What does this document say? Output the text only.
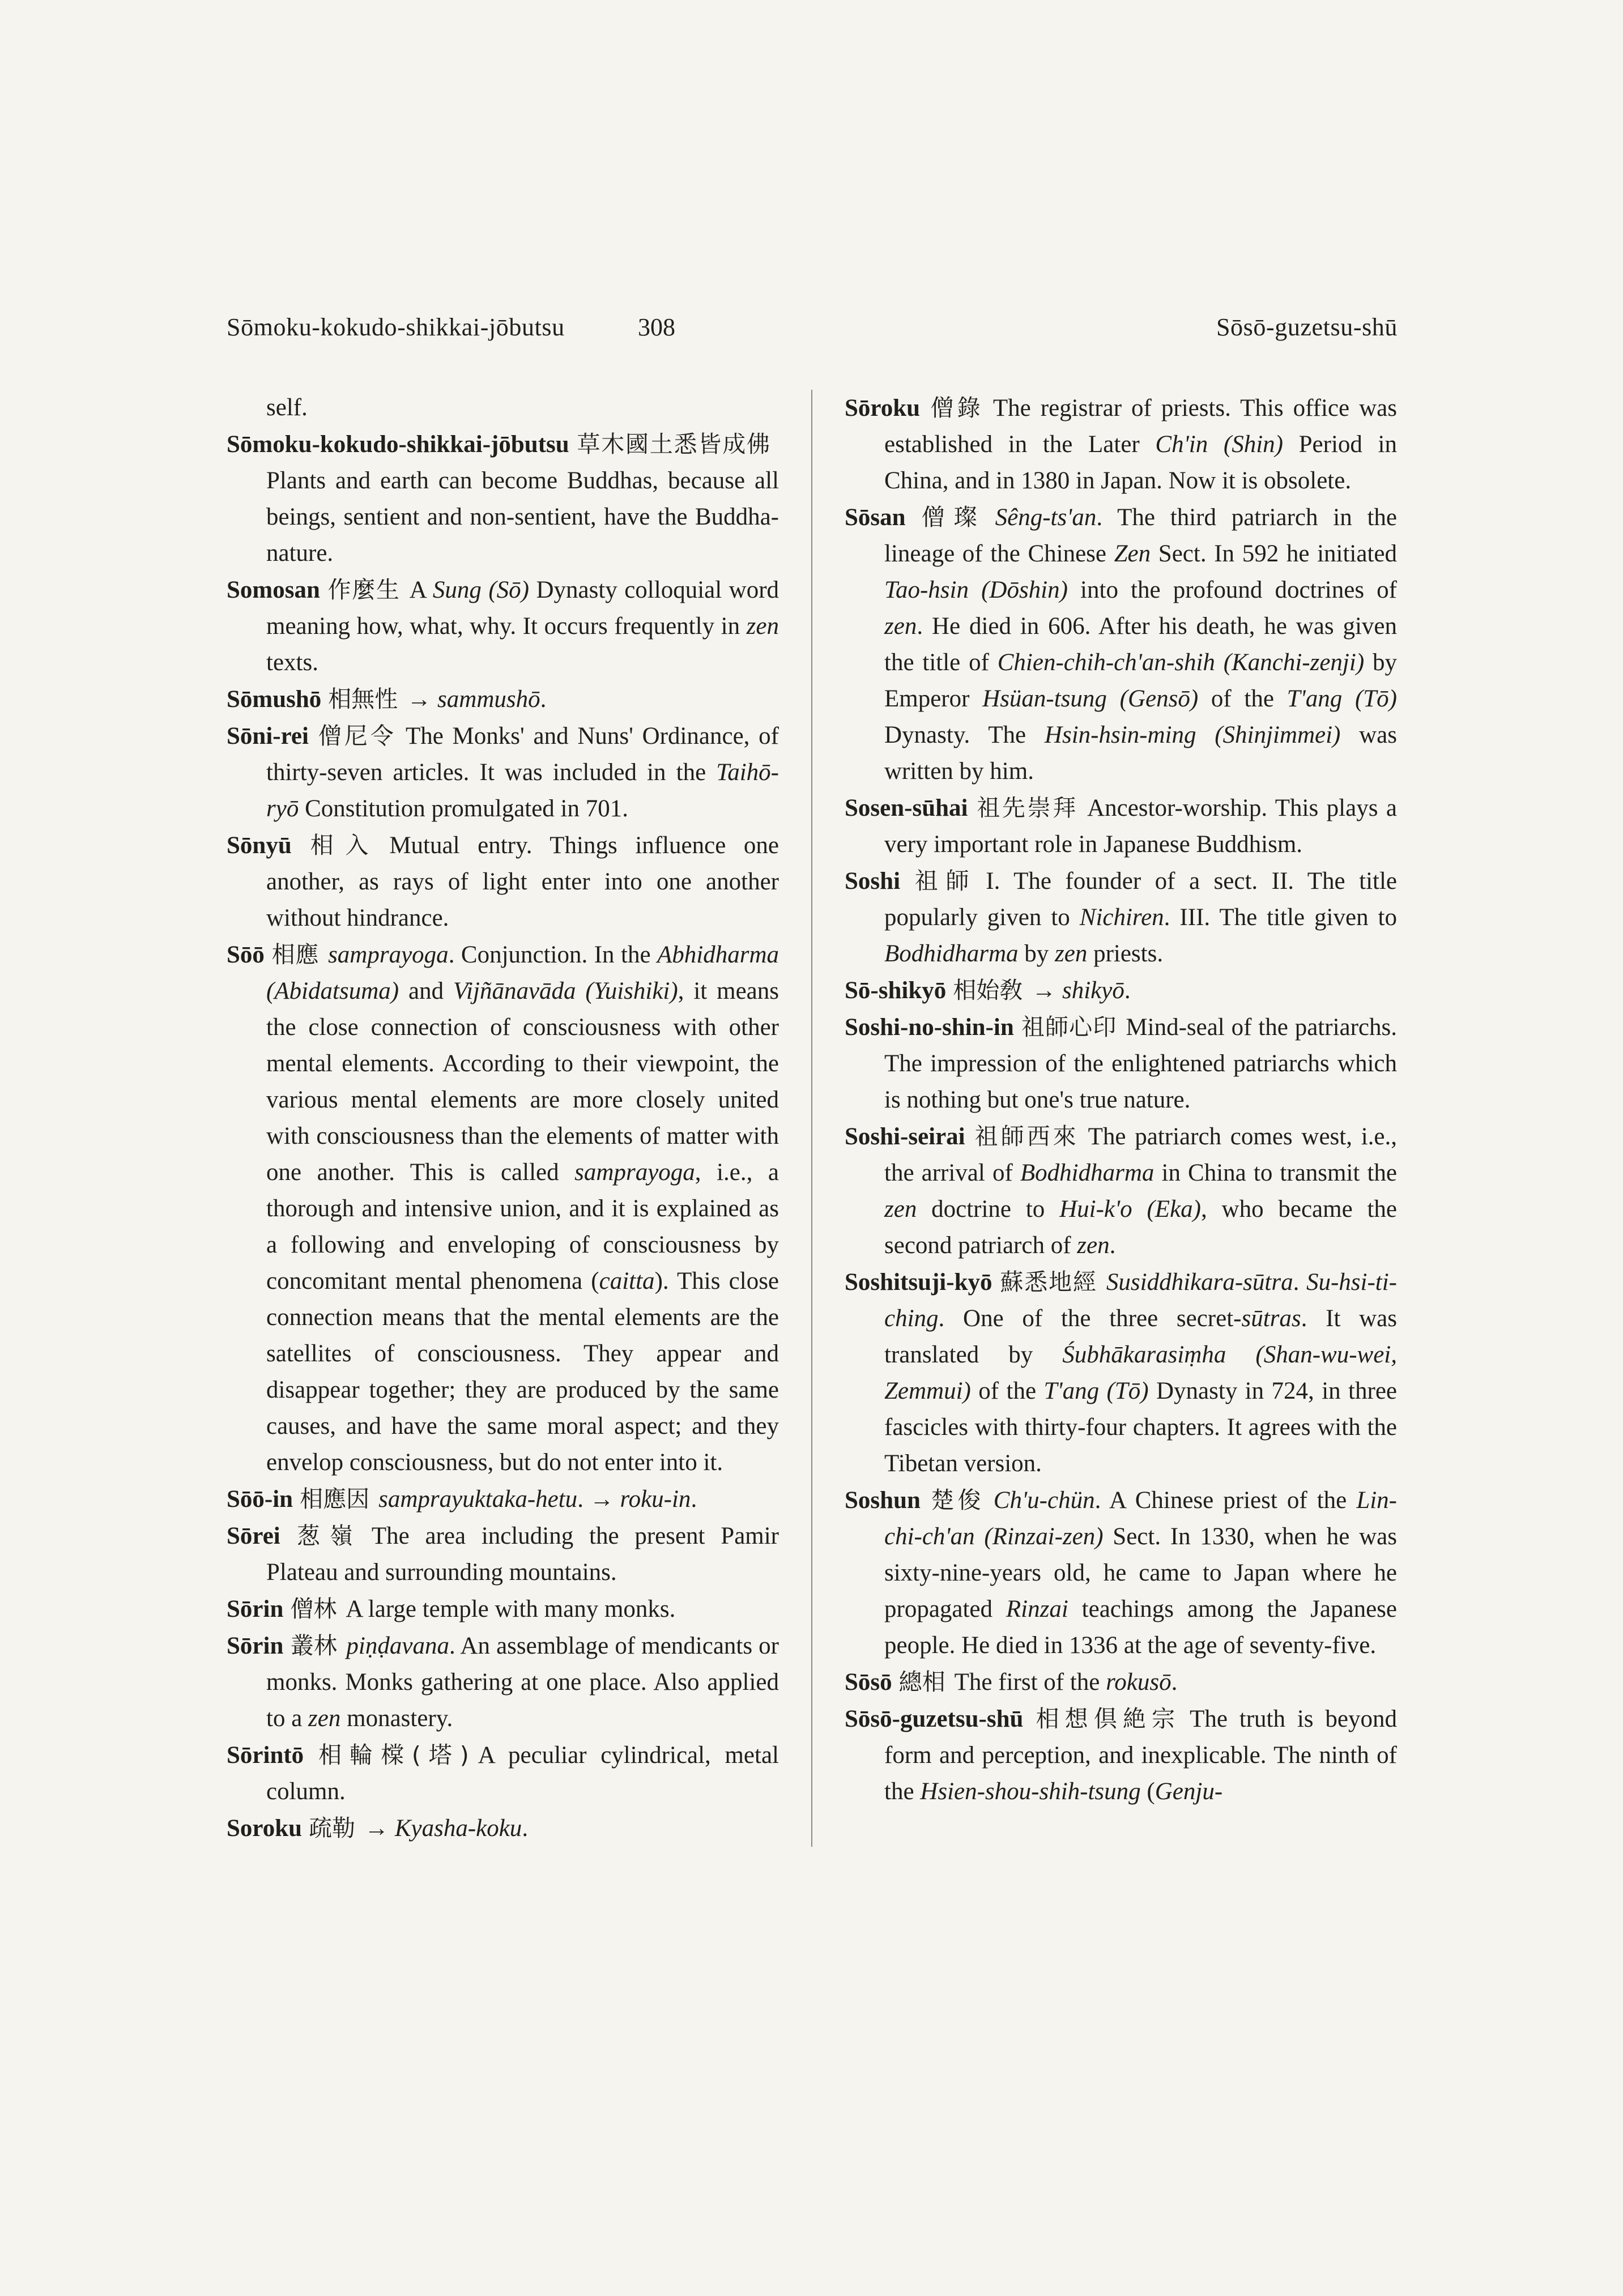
Sōmoku-kokudo-shikkai-jōbutsu	308	Sōsō-guzetsu-shū

self.

Sōmoku-kokudo-shikkai-jōbutsu 草木國土悉皆成佛Plants and earth can become Buddhas, because all beings, sentient and non-sentient, have the Buddha-nature.

Somosan 作麼生 A Sung (Sō) Dynasty colloquial word meaning how, what, why. It occurs frequently in zen texts.

Sōmushō 相無性 → sammushō.

Sōni-rei 僧尼令 The Monks' and Nuns' Ordinance, of thirty-seven articles. It was included in the Taihō-ryō Constitution promulgated in 701.

Sōnyū 相入 Mutual entry. Things influence one another, as rays of light enter into one another without hindrance.

Sōō 相應 samprayoga. Conjunction. In the Abhidharma (Abidatsuma) and Vijñānavāda (Yuishiki), it means the close connection of consciousness with other mental elements. According to their viewpoint, the various mental elements are more closely united with consciousness than the elements of matter with one another. This is called samprayoga, i.e., a thorough and intensive union, and it is explained as a following and enveloping of consciousness by concomitant mental phenomena (caitta). This close connection means that the mental elements are the satellites of consciousness. They appear and disappear together; they are produced by the same causes, and have the same moral aspect; and they envelop consciousness, but do not enter into it.

Sōō-in 相應因 samprayuktaka-hetu. → roku-in.

Sōrei 葱嶺 The area including the present Pamir Plateau and surrounding mountains.

Sōrin 僧林 A large temple with many monks.

Sōrin 叢林 piṇḍavana. An assemblage of mendicants or monks. Monks gathering at one place. Also applied to a zen monastery.

Sōrintō 相輪橖(塔) A peculiar cylindrical, metal column.

Soroku 疏勒 → Kyasha-koku.

Sōroku 僧錄 The registrar of priests. This office was established in the Later Ch'in (Shin) Period in China, and in 1380 in Japan. Now it is obsolete.

Sōsan 僧璨 Sêng-ts'an. The third patriarch in the lineage of the Chinese Zen Sect. In 592 he initiated Tao-hsin (Dōshin) into the profound doctrines of zen. He died in 606. After his death, he was given the title of Chien-chih-ch'an-shih (Kanchi-zenji) by Emperor Hsüan-tsung (Gensō) of the T'ang (Tō) Dynasty. The Hsin-hsin-ming (Shinjimmei) was written by him.

Sosen-sūhai 祖先崇拜 Ancestor-worship. This plays a very important role in Japanese Buddhism.

Soshi 祖師 I. The founder of a sect. II. The title popularly given to Nichiren. III. The title given to Bodhidharma by zen priests.

Sō-shikyō 相始敎 → shikyō.

Soshi-no-shin-in 祖師心印 Mind-seal of the patriarchs. The impression of the enlightened patriarchs which is nothing but one's true nature.

Soshi-seirai 祖師西來 The patriarch comes west, i.e., the arrival of Bodhidharma in China to transmit the zen doctrine to Hui-k'o (Eka), who became the second patriarch of zen.

Soshitsuji-kyō 蘇悉地經 Susiddhikara-sūtra. Su-hsi-ti-ching. One of the three secret-sūtras. It was translated by Śubhākarasiṃha (Shan-wu-wei, Zemmui) of the T'ang (Tō) Dynasty in 724, in three fascicles with thirty-four chapters. It agrees with the Tibetan version.

Soshun 楚俊 Ch'u-chün. A Chinese priest of the Lin-chi-ch'an (Rinzai-zen) Sect. In 1330, when he was sixty-nine-years old, he came to Japan where he propagated Rinzai teachings among the Japanese people. He died in 1336 at the age of seventy-five.

Sōsō 總相 The first of the rokusō.

Sōsō-guzetsu-shū 相想倶絶宗 The truth is beyond form and perception, and inexplicable. The ninth of the Hsien-shou-shih-tsung (Genju-
